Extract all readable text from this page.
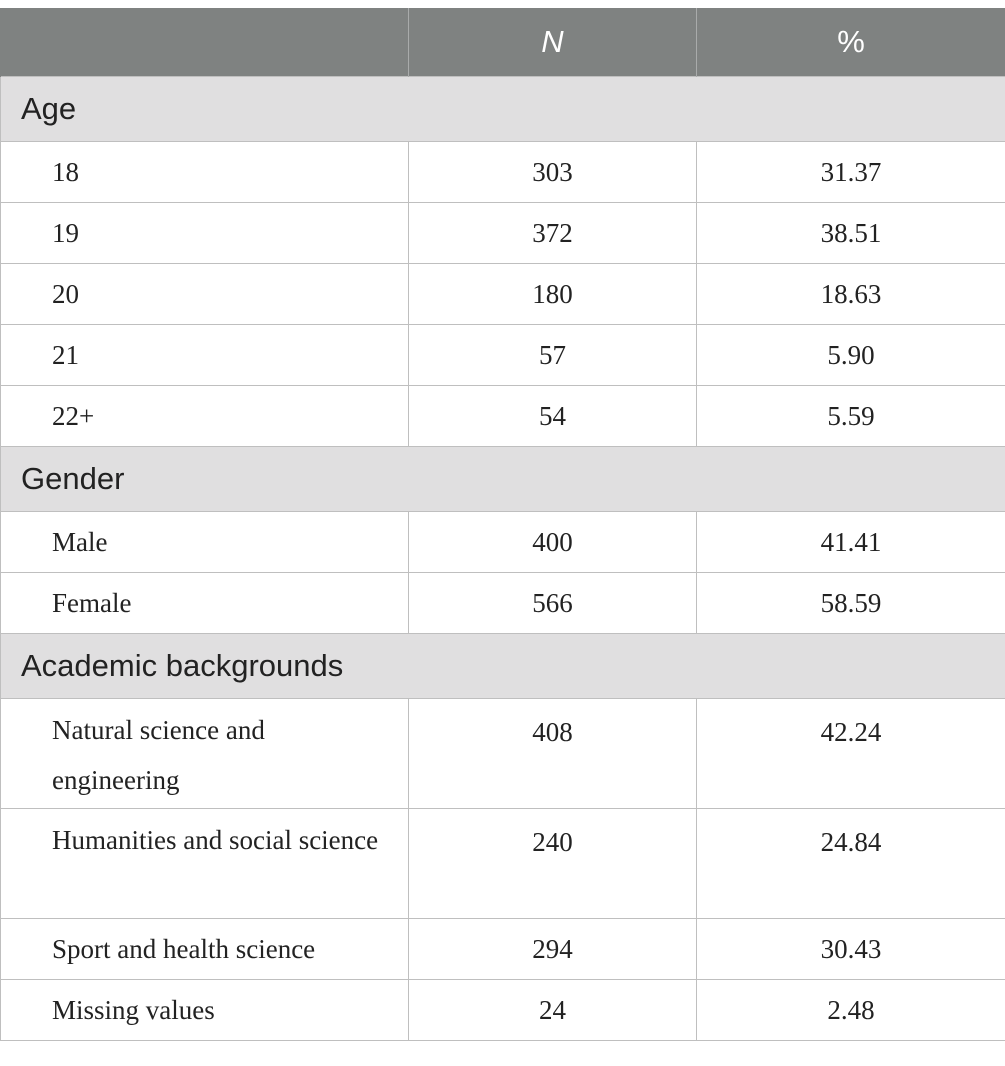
	N	%
Age		
18	303	31.37
19	372	38.51
20	180	18.63
21	57	5.90
22+	54	5.59
Gender		
Male	400	41.41
Female	566	58.59
Academic backgrounds		
Natural science and engineering	408	42.24
Humanities and social science	240	24.84
Sport and health science	294	30.43
Missing values	24	2.48
